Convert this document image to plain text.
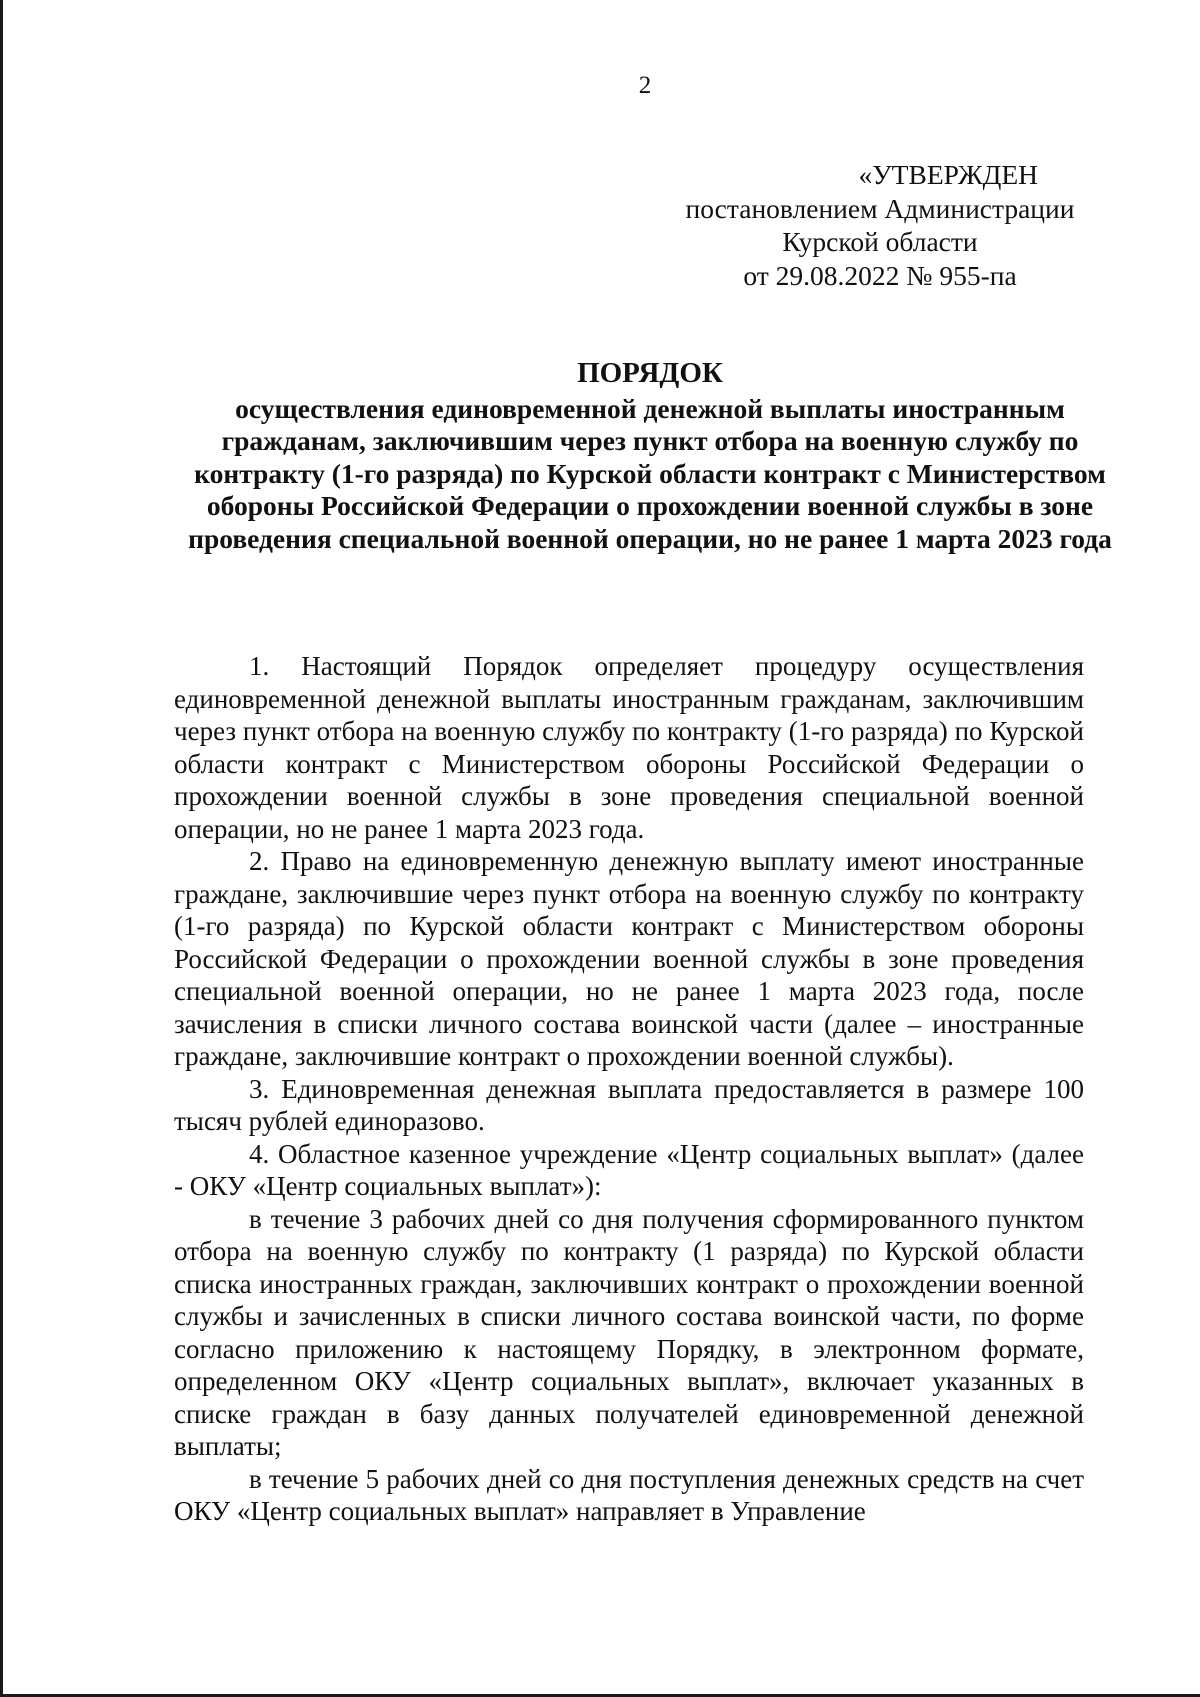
2
«УТВЕРЖДЕН
постановлением Администрации
Курской области
от 29.08.2022 № 955-па
ПОРЯДОК
осуществления единовременной денежной выплаты иностранным гражданам, заключившим через пункт отбора на военную службу по контракту (1-го разряда) по Курской области контракт с Министерством обороны Российской Федерации о прохождении военной службы в зоне проведения специальной военной операции, но не ранее 1 марта 2023 года

1. Настоящий Порядок определяет процедуру осуществления единовременной денежной выплаты иностранным гражданам, заключившим через пункт отбора на военную службу по контракту (1-го разряда) по Курской области контракт с Министерством обороны Российской Федерации о прохождении военной службы в зоне проведения специальной военной операции, но не ранее 1 марта 2023 года.

2. Право на единовременную денежную выплату имеют иностранные граждане, заключившие через пункт отбора на военную службу по контракту (1-го разряда) по Курской области контракт с Министерством обороны Российской Федерации о прохождении военной службы в зоне проведения специальной военной операции, но не ранее 1 марта 2023 года, после зачисления в списки личного состава воинской части (далее – иностранные граждане, заключившие контракт о прохождении военной службы).

3. Единовременная денежная выплата предоставляется в размере 100 тысяч рублей единоразово.

4. Областное казенное учреждение «Центр социальных выплат» (далее - ОКУ «Центр социальных выплат»):

в течение 3 рабочих дней со дня получения сформированного пунктом отбора на военную службу по контракту (1 разряда) по Курской области списка иностранных граждан, заключивших контракт о прохождении военной службы и зачисленных в списки личного состава воинской части, по форме согласно приложению к настоящему Порядку, в электронном формате, определенном ОКУ «Центр социальных выплат», включает указанных в списке граждан в базу данных получателей единовременной денежной выплаты;

в течение 5 рабочих дней со дня поступления денежных средств на счет ОКУ «Центр социальных выплат» направляет в Управление
